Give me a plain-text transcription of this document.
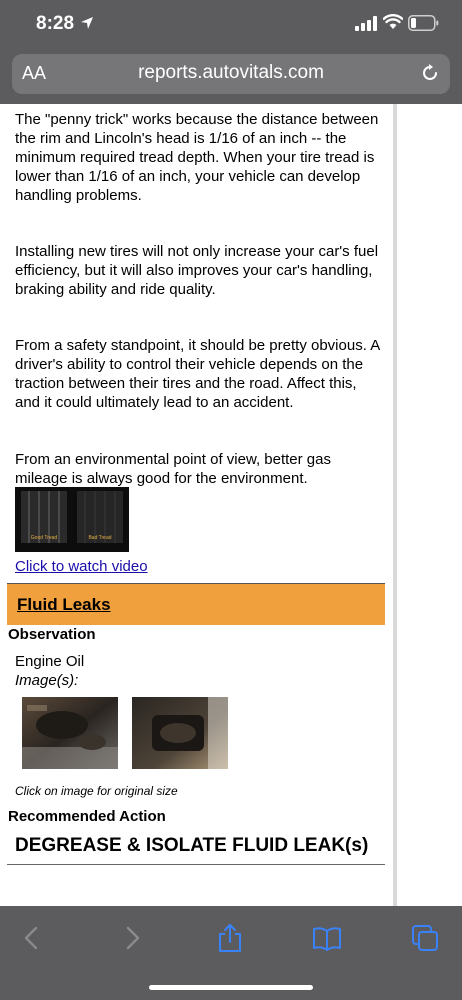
8:28
AA	reports.autovitals.com

The "penny trick" works because the distance between the rim and Lincoln's head is 1/16 of an inch -- the minimum required tread depth. When your tire tread is lower than 1/16 of an inch, your vehicle can develop handling problems.

Installing new tires will not only increase your car's fuel efficiency, but it will also improves your car's handling, braking ability and ride quality.

From a safety standpoint, it should be pretty obvious. A driver's ability to control their vehicle depends on the traction between their tires and the road. Affect this, and it could ultimately lead to an accident.

From an environmental point of view, better gas mileage is always good for the environment.

Good Tread	Bad Tread
Click to watch video
Fluid Leaks
Observation
Engine Oil
Image(s):
Click on image for original size
Recommended Action
DEGREASE & ISOLATE FLUID LEAK(s)
